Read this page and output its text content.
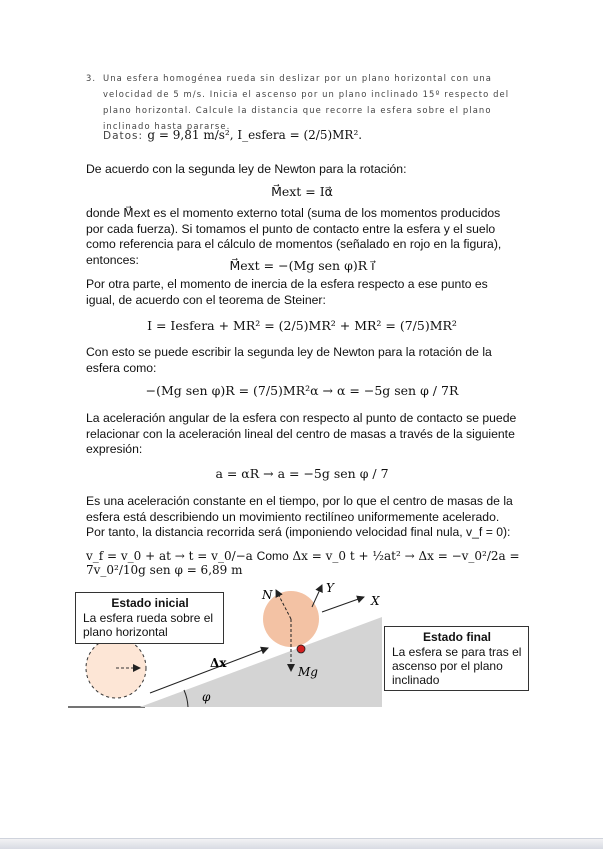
3. Una esfera homogénea rueda sin deslizar por un plano horizontal con una velocidad de 5 m/s. Inicia el ascenso por un plano inclinado 15º respecto del plano horizontal. Calcule la distancia que recorre la esfera sobre el plano inclinado hasta pararse.
Datos: g = 9,81 m/s², I_esfera = (2/5)MR².
De acuerdo con la segunda ley de Newton para la rotación:
M⃗ext = Iα⃗
donde M⃗ext es el momento externo total (suma de los momentos producidos por cada fuerza). Si tomamos el punto de contacto entre la esfera y el suelo como referencia para el cálculo de momentos (señalado en rojo en la figura), entonces:	M⃗ext = −(Mg sen φ)R i⃗
Por otra parte, el momento de inercia de la esfera respecto a ese punto es igual, de acuerdo con el teorema de Steiner:
I = Iesfera + MR² = (2/5)MR² + MR² = (7/5)MR²
Con esto se puede escribir la segunda ley de Newton para la rotación de la esfera como:
−(Mg sen φ)R = (7/5)MR²α → α = −5g sen φ / 7R
La aceleración angular de la esfera con respecto al punto de contacto se puede relacionar con la aceleración lineal del centro de masas a través de la siguiente expresión:
a = αR → a = −5g sen φ / 7
Es una aceleración constante en el tiempo, por lo que el centro de masas de la esfera está describiendo un movimiento rectilíneo uniformemente acelerado. Por tanto, la distancia recorrida será (imponiendo velocidad final nula, v_f = 0):
v_f = v_0 + at → t = v_0/−a Como Δx = v_0 t + ½at² → Δx = −v_0²/2a = 7v_0²/10g sen φ = 6,89 m
φ
Δx
N
Mg
Y
X
Estado inicial
La esfera rueda sobre el plano horizontal	Estado final
La esfera se para tras el ascenso por el plano inclinado
